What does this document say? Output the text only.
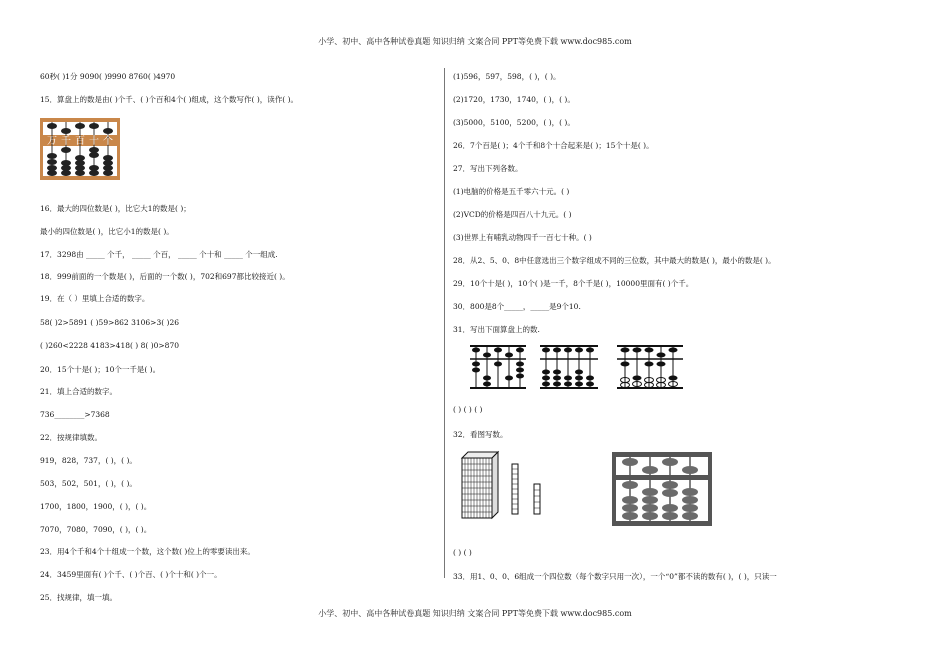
小学、初中、高中各种试卷真题 知识归纳 文案合同 PPT等免费下载 www.doc985.com
小学、初中、高中各种试卷真题 知识归纳 文案合同 PPT等免费下载 www.doc985.com
60秒( )1分 9090( )9990 8760( )4970
15．算盘上的数是由( )个千、( )个百和4个( )组成，这个数写作( )，读作( )。
万 千 百 十 个
16．最大的四位数是( )，比它大1的数是( )；
最小的四位数是( )，比它小1的数是( )。
17．3298由 _____ 个千， _____ 个百， _____ 个十和 _____ 个一组成.
18．999前面的一个数是( )，后面的一个数( )，702和697都比较接近( )。
19．在（ ）里填上合适的数字。
58( )2>5891 ( )59>862 3106>3( )26
( )260<2228 4183>418( ) 8( )0>870
20．15个十是( )；10个一千是( )。
21．填上合适的数字。
736________>7368
22．按规律填数。
919，828，737，( )，( )。
503，502，501，( )，( )。
1700，1800，1900，( )，( )。
7070，7080，7090，( )，( )。
23．用4个千和4个十组成一个数，这个数( )位上的零要读出来。
24．3459里面有( )个千、( )个百、( )个十和( )个一。
25．找规律，填一填。
(1)596，597，598，( )，( )。
(2)1720，1730，1740，( )，( )。
(3)5000，5100，5200，( )，( )。
26．7个百是( )；4个千和8个十合起来是( )；15个十是( )。
27．写出下列各数。
(1)电脑的价格是五千零六十元。( )
(2)VCD的价格是四百八十九元。( )
(3)世界上有哺乳动物四千一百七十种。( )
28．从2、5、0、8中任意选出三个数字组成不同的三位数，其中最大的数是( )，最小的数是( )。
29．10个十是( )，10个( )是一千，8个千是( )，10000里面有( )个千。
30．800是8个_____，_____是9个10.
31．写出下面算盘上的数.
( ) ( ) ( )
32．看图写数。
( ) ( )
33．用1、0、0、6组成一个四位数（每个数字只用一次），一个“0”都不读的数有( )，( )，只读一
